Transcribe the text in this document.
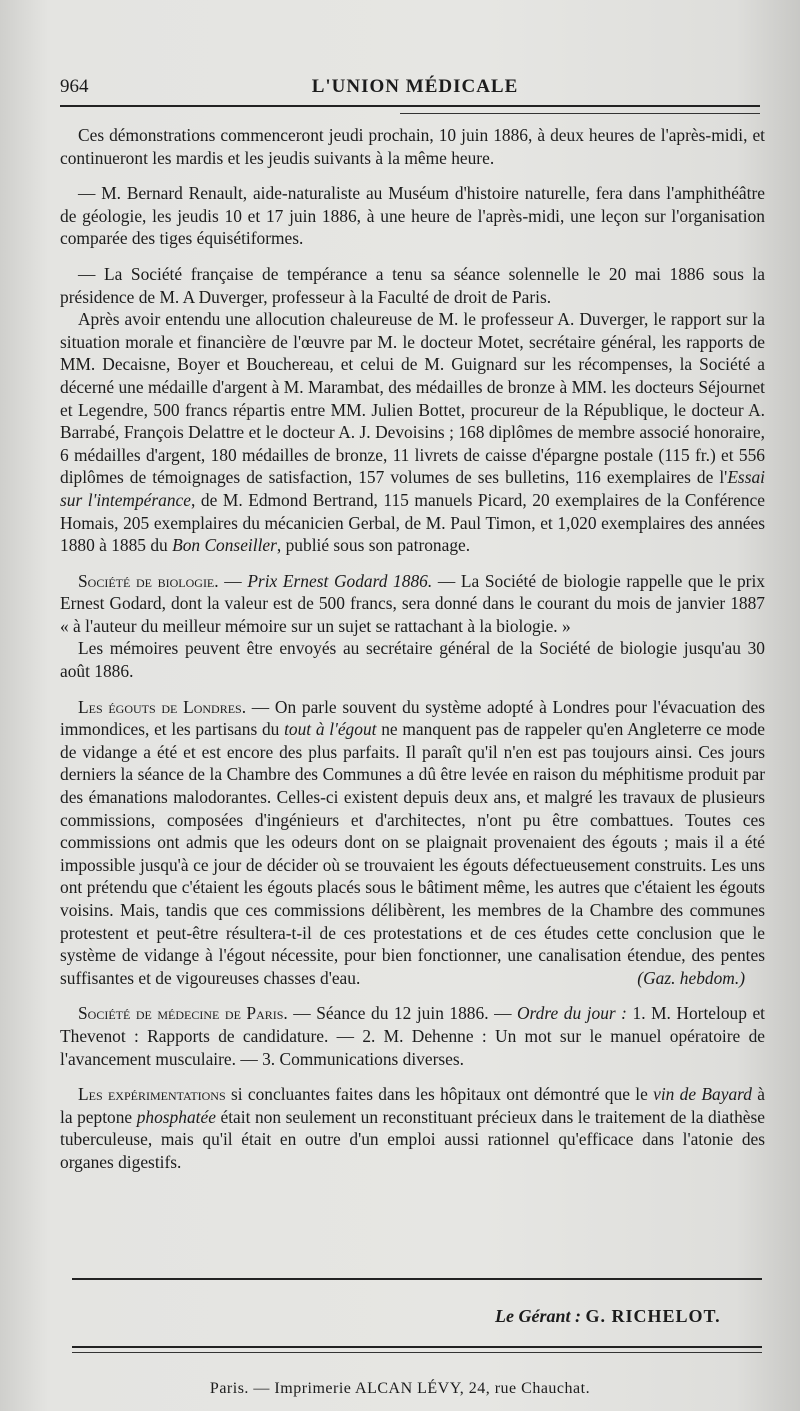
964	L'UNION MÉDICALE

Ces démonstrations commenceront jeudi prochain, 10 juin 1886, à deux heures de l'après-midi, et continueront les mardis et les jeudis suivants à la même heure.

— M. Bernard Renault, aide-naturaliste au Muséum d'histoire naturelle, fera dans l'amphithéâtre de géologie, les jeudis 10 et 17 juin 1886, à une heure de l'après-midi, une leçon sur l'organisation comparée des tiges équisétiformes.

— La Société française de tempérance a tenu sa séance solennelle le 20 mai 1886 sous la présidence de M. A Duverger, professeur à la Faculté de droit de Paris.

Après avoir entendu une allocution chaleureuse de M. le professeur A. Duverger, le rapport sur la situation morale et financière de l'œuvre par M. le docteur Motet, secrétaire général, les rapports de MM. Decaisne, Boyer et Bouchereau, et celui de M. Guignard sur les récompenses, la Société a décerné une médaille d'argent à M. Marambat, des médailles de bronze à MM. les docteurs Séjournet et Legendre, 500 francs répartis entre MM. Julien Bottet, procureur de la République, le docteur A. Barrabé, François Delattre et le docteur A. J. Devoisins ; 168 diplômes de membre associé honoraire, 6 médailles d'argent, 180 médailles de bronze, 11 livrets de caisse d'épargne postale (115 fr.) et 556 diplômes de témoignages de satisfaction, 157 volumes de ses bulletins, 116 exemplaires de l'Essai sur l'intempérance, de M. Edmond Bertrand, 115 manuels Picard, 20 exemplaires de la Conférence Homais, 205 exemplaires du mécanicien Gerbal, de M. Paul Timon, et 1,020 exemplaires des années 1880 à 1885 du Bon Conseiller, publié sous son patronage.

Société de biologie. — Prix Ernest Godard 1886. — La Société de biologie rappelle que le prix Ernest Godard, dont la valeur est de 500 francs, sera donné dans le courant du mois de janvier 1887 « à l'auteur du meilleur mémoire sur un sujet se rattachant à la biologie. »

Les mémoires peuvent être envoyés au secrétaire général de la Société de biologie jusqu'au 30 août 1886.

Les égouts de Londres. — On parle souvent du système adopté à Londres pour l'évacuation des immondices, et les partisans du tout à l'égout ne manquent pas de rappeler qu'en Angleterre ce mode de vidange a été et est encore des plus parfaits. Il paraît qu'il n'en est pas toujours ainsi. Ces jours derniers la séance de la Chambre des Communes a dû être levée en raison du méphitisme produit par des émanations malodorantes. Celles-ci existent depuis deux ans, et malgré les travaux de plusieurs commissions, composées d'ingénieurs et d'architectes, n'ont pu être combattues. Toutes ces commissions ont admis que les odeurs dont on se plaignait provenaient des égouts ; mais il a été impossible jusqu'à ce jour de décider où se trouvaient les égouts défectueusement construits. Les uns ont prétendu que c'étaient les égouts placés sous le bâtiment même, les autres que c'étaient les égouts voisins. Mais, tandis que ces commissions délibèrent, les membres de la Chambre des communes protestent et peut-être résultera-t-il de ces protestations et de ces études cette conclusion que le système de vidange à l'égout nécessite, pour bien fonctionner, une canalisation étendue, des pentes suffisantes et de vigoureuses chasses d'eau.	(Gaz. hebdom.)

Société de médecine de Paris. — Séance du 12 juin 1886. — Ordre du jour : 1. M. Horteloup et Thevenot : Rapports de candidature. — 2. M. Dehenne : Un mot sur le manuel opératoire de l'avancement musculaire. — 3. Communications diverses.

Les expérimentations si concluantes faites dans les hôpitaux ont démontré que le vin de Bayard à la peptone phosphatée était non seulement un reconstituant précieux dans le traitement de la diathèse tuberculeuse, mais qu'il était en outre d'un emploi aussi rationnel qu'efficace dans l'atonie des organes digestifs.

Le Gérant : G. RICHELOT.
Paris. — Imprimerie ALCAN LÉVY, 24, rue Chauchat.
